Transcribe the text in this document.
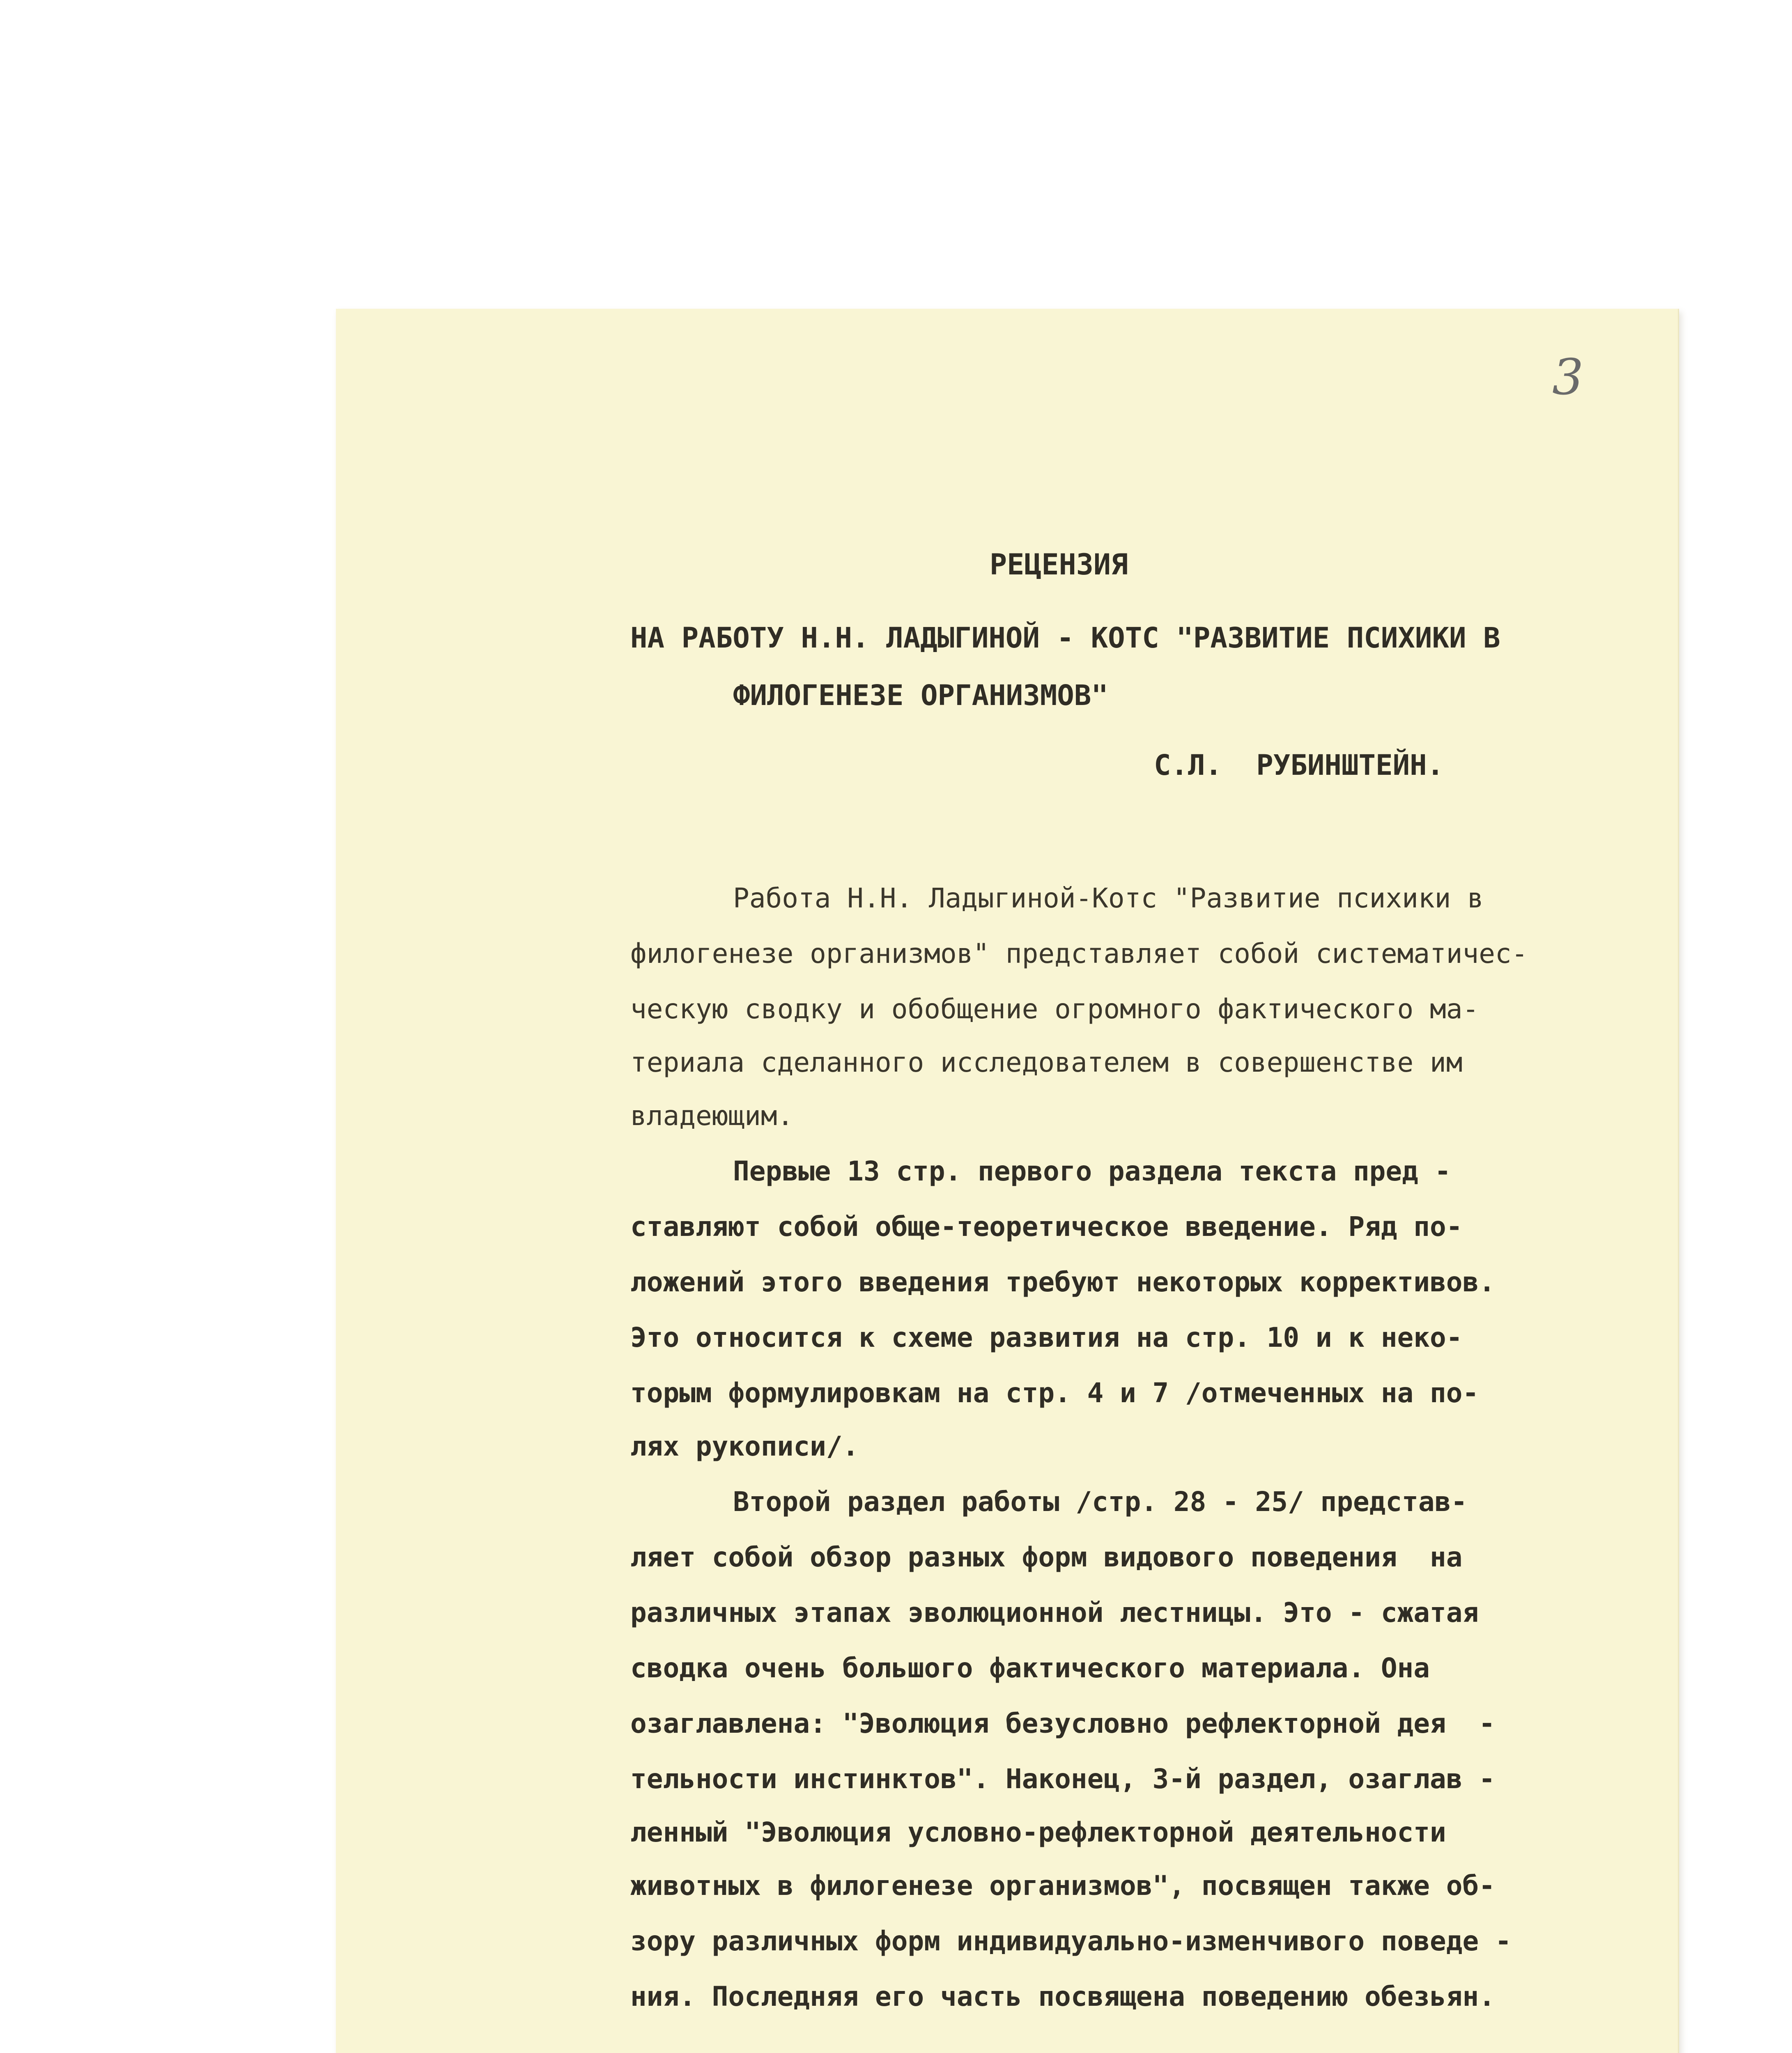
3
РЕЦЕНЗИЯ
НА РАБОТУ Н.Н. ЛАДЫГИНОЙ - КОТС "РАЗВИТИЕ ПСИХИКИ В
ФИЛОГЕНЕЗЕ ОРГАНИЗМОВ"
С.Л.  РУБИНШТЕЙН.
Работа Н.Н. Ладыгиной-Котс "Развитие психики в
филогенезе организмов" представляет собой систематичес-
ческую сводку и обобщение огромного фактического ма-
териала сделанного исследователем в совершенстве им
владеющим.
Первые 13 стр. первого раздела текста пред -
ставляют собой обще-теоретическое введение. Ряд по-
ложений этого введения требуют некоторых коррективов.
Это относится к схеме развития на стр. 10 и к неко-
торым формулировкам на стр. 4 и 7 /отмеченных на по-
лях рукописи/.
Второй раздел работы /стр. 28 - 25/ представ-
ляет собой обзор разных форм видового поведения  на
различных этапах эволюционной лестницы. Это - сжатая
сводка очень большого фактического материала. Она
озаглавлена: "Эволюция безусловно рефлекторной дея  -
тельности инстинктов". Наконец, 3-й раздел, озаглав -
ленный "Эволюция условно-рефлекторной деятельности
животных в филогенезе организмов", посвящен также об-
зору различных форм индивидуально-изменчивого поведе -
ния. Последняя его часть посвящена поведению обезьян.
